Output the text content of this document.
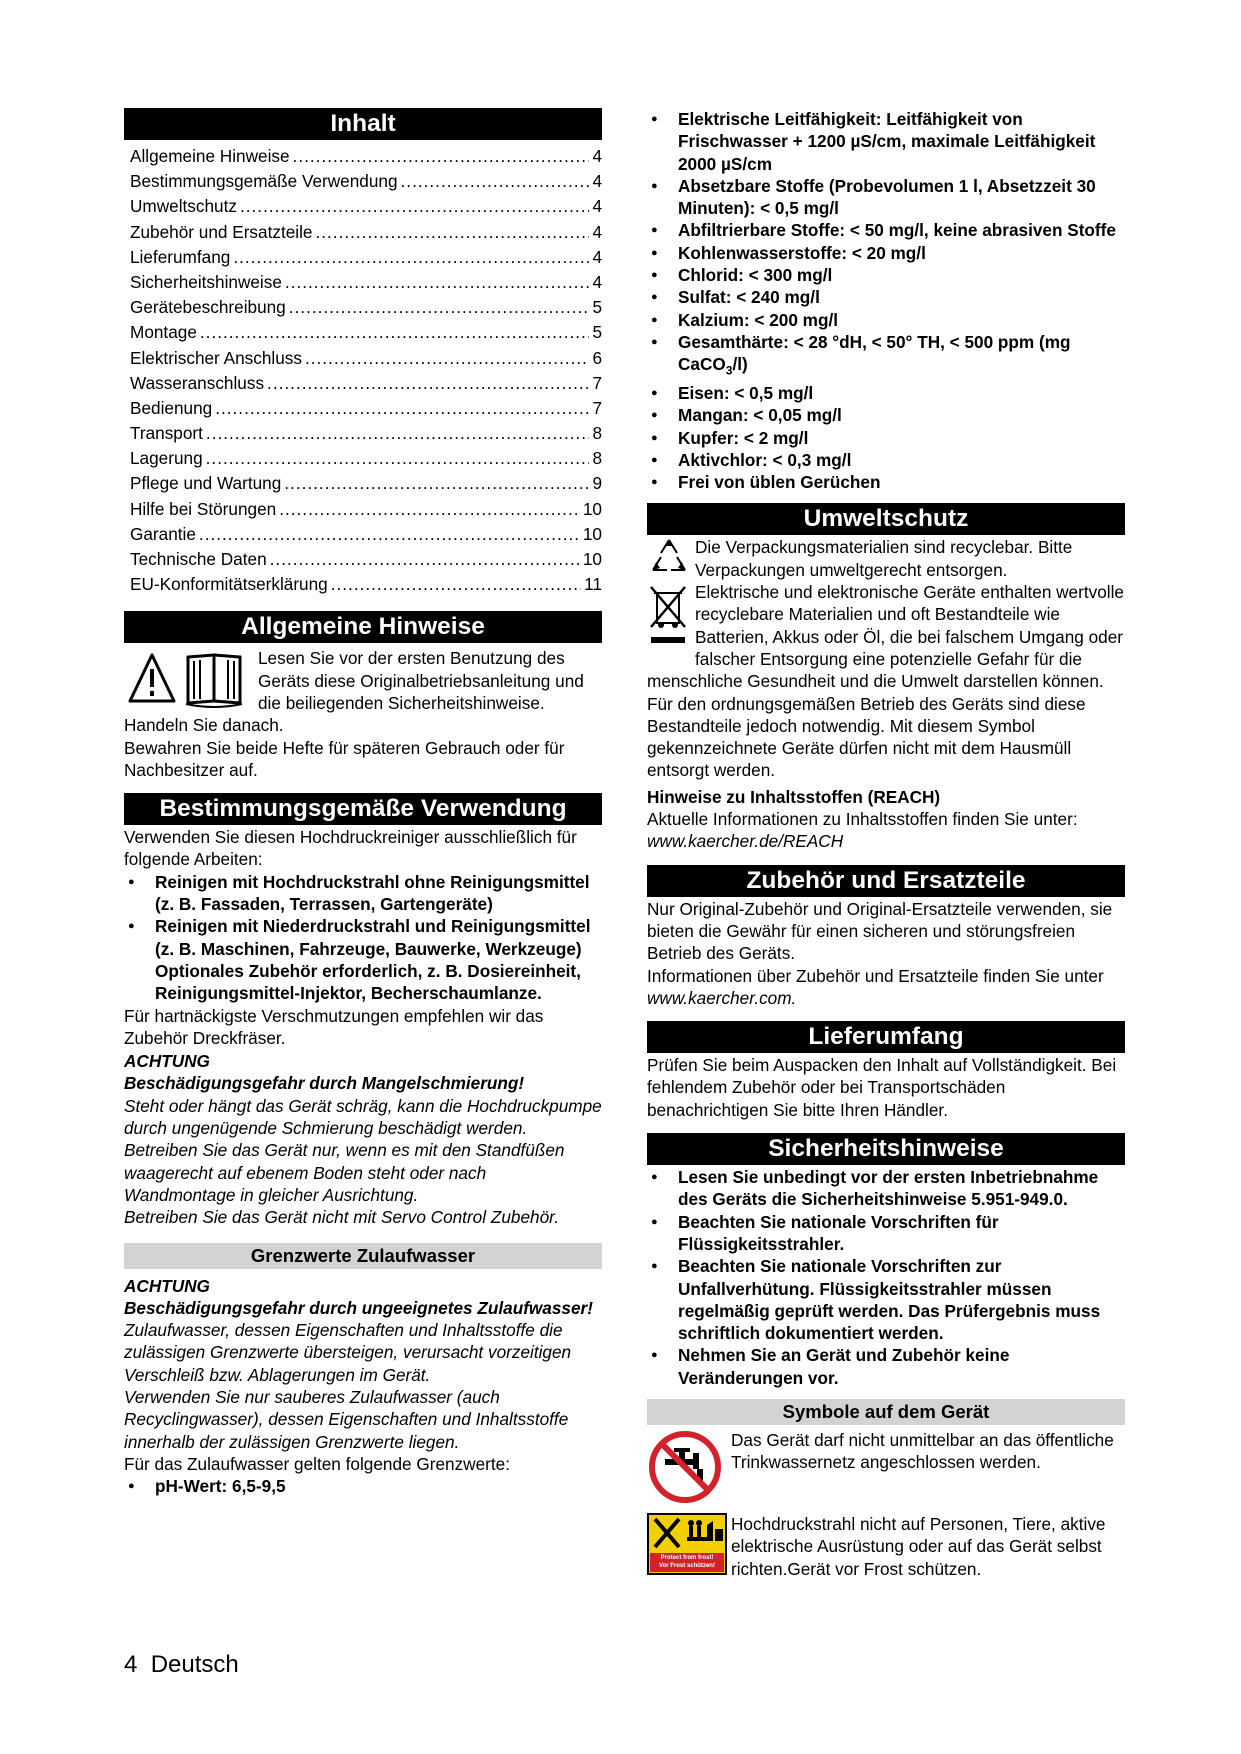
Inhalt
Allgemeine Hinweise .....	4
Bestimmungsgemäße Verwendung .....	4
Umweltschutz .....	4
Zubehör und Ersatzteile .....	4
Lieferumfang .....	4
Sicherheitshinweise .....	4
Gerätebeschreibung .....	5
Montage .....	5
Elektrischer Anschluss .....	6
Wasseranschluss .....	7
Bedienung .....	7
Transport .....	8
Lagerung .....	8
Pflege und Wartung .....	9
Hilfe bei Störungen .....	10
Garantie .....	10
Technische Daten .....	10
EU-Konformitätserklärung .....	11
Allgemeine Hinweise

Lesen Sie vor der ersten Benutzung des Geräts diese Originalbetriebsanleitung und die beiliegenden Sicherheitshinweise. Handeln Sie danach.

Bewahren Sie beide Hefte für späteren Gebrauch oder für Nachbesitzer auf.

Bestimmungsgemäße Verwendung

Verwenden Sie diesen Hochdruckreiniger ausschließlich für folgende Arbeiten:

● Reinigen mit Hochdruckstrahl ohne Reinigungsmittel (z. B. Fassaden, Terrassen, Gartengeräte)
● Reinigen mit Niederdruckstrahl und Reinigungsmittel (z. B. Maschinen, Fahrzeuge, Bauwerke, Werkzeuge)
Optionales Zubehör erforderlich, z. B. Dosiereinheit, Reinigungsmittel-Injektor, Becherschaumlanze.

Für hartnäckigste Verschmutzungen empfehlen wir das Zubehör Dreckfräser.

ACHTUNG

Beschädigungsgefahr durch Mangelschmierung!

Steht oder hängt das Gerät schräg, kann die Hochdruckpumpe durch ungenügende Schmierung beschädigt werden.

Betreiben Sie das Gerät nur, wenn es mit den Standfüßen waagerecht auf ebenem Boden steht oder nach Wandmontage in gleicher Ausrichtung.

Betreiben Sie das Gerät nicht mit Servo Control Zubehör.

Grenzwerte Zulaufwasser

ACHTUNG

Beschädigungsgefahr durch ungeeignetes Zulaufwasser!

Zulaufwasser, dessen Eigenschaften und Inhaltsstoffe die zulässigen Grenzwerte übersteigen, verursacht vorzeitigen Verschleiß bzw. Ablagerungen im Gerät.

Verwenden Sie nur sauberes Zulaufwasser (auch Recyclingwasser), dessen Eigenschaften und Inhaltsstoffe innerhalb der zulässigen Grenzwerte liegen.

Für das Zulaufwasser gelten folgende Grenzwerte:

● pH-Wert: 6,5-9,5
● Elektrische Leitfähigkeit: Leitfähigkeit von Frischwasser + 1200 µS/cm, maximale Leitfähigkeit 2000 µS/cm
● Absetzbare Stoffe (Probevolumen 1 l, Absetzzeit 30 Minuten): < 0,5 mg/l
● Abfiltrierbare Stoffe: < 50 mg/l, keine abrasiven Stoffe
● Kohlenwasserstoffe: < 20 mg/l
● Chlorid: < 300 mg/l
● Sulfat: < 240 mg/l
● Kalzium: < 200 mg/l
● Gesamthärte: < 28 °dH, < 50° TH, < 500 ppm (mg CaCO$_3$/l)
● Eisen: < 0,5 mg/l
● Mangan: < 0,05 mg/l
● Kupfer: < 2 mg/l
● Aktivchlor: < 0,3 mg/l
● Frei von üblen Gerüchen
Umweltschutz

Die Verpackungsmaterialien sind recyclebar. Bitte Verpackungen umweltgerecht entsorgen.

Elektrische und elektronische Geräte enthalten wertvolle recyclebare Materialien und oft Bestandteile wie Batterien, Akkus oder Öl, die bei falschem Umgang oder falscher Entsorgung eine potenzielle Gefahr für die menschliche Gesundheit und die Umwelt darstellen können. Für den ordnungsgemäßen Betrieb des Geräts sind diese Bestandteile jedoch notwendig. Mit diesem Symbol gekennzeichnete Geräte dürfen nicht mit dem Hausmüll entsorgt werden.

Hinweise zu Inhaltsstoffen (REACH)

Aktuelle Informationen zu Inhaltsstoffen finden Sie unter: www.kaercher.de/REACH

Zubehör und Ersatzteile

Nur Original-Zubehör und Original-Ersatzteile verwenden, sie bieten die Gewähr für einen sicheren und störungsfreien Betrieb des Geräts.

Informationen über Zubehör und Ersatzteile finden Sie unter www.kaercher.com.

Lieferumfang

Prüfen Sie beim Auspacken den Inhalt auf Vollständigkeit. Bei fehlendem Zubehör oder bei Transportschäden benachrichtigen Sie bitte Ihren Händler.

Sicherheitshinweise
● Lesen Sie unbedingt vor der ersten Inbetriebnahme des Geräts die Sicherheitshinweise 5.951-949.0.
● Beachten Sie nationale Vorschriften für Flüssigkeitsstrahler.
● Beachten Sie nationale Vorschriften zur Unfallverhütung. Flüssigkeitsstrahler müssen regelmäßig geprüft werden. Das Prüfergebnis muss schriftlich dokumentiert werden.
● Nehmen Sie an Gerät und Zubehör keine Veränderungen vor.
Symbole auf dem Gerät

Das Gerät darf nicht unmittelbar an das öffentliche Trinkwassernetz angeschlossen werden.

Protect from frost!
Vor Frost schützen!

Hochdruckstrahl nicht auf Personen, Tiere, aktive elektrische Ausrüstung oder auf das Gerät selbst richten.Gerät vor Frost schützen.

4 Deutsch
